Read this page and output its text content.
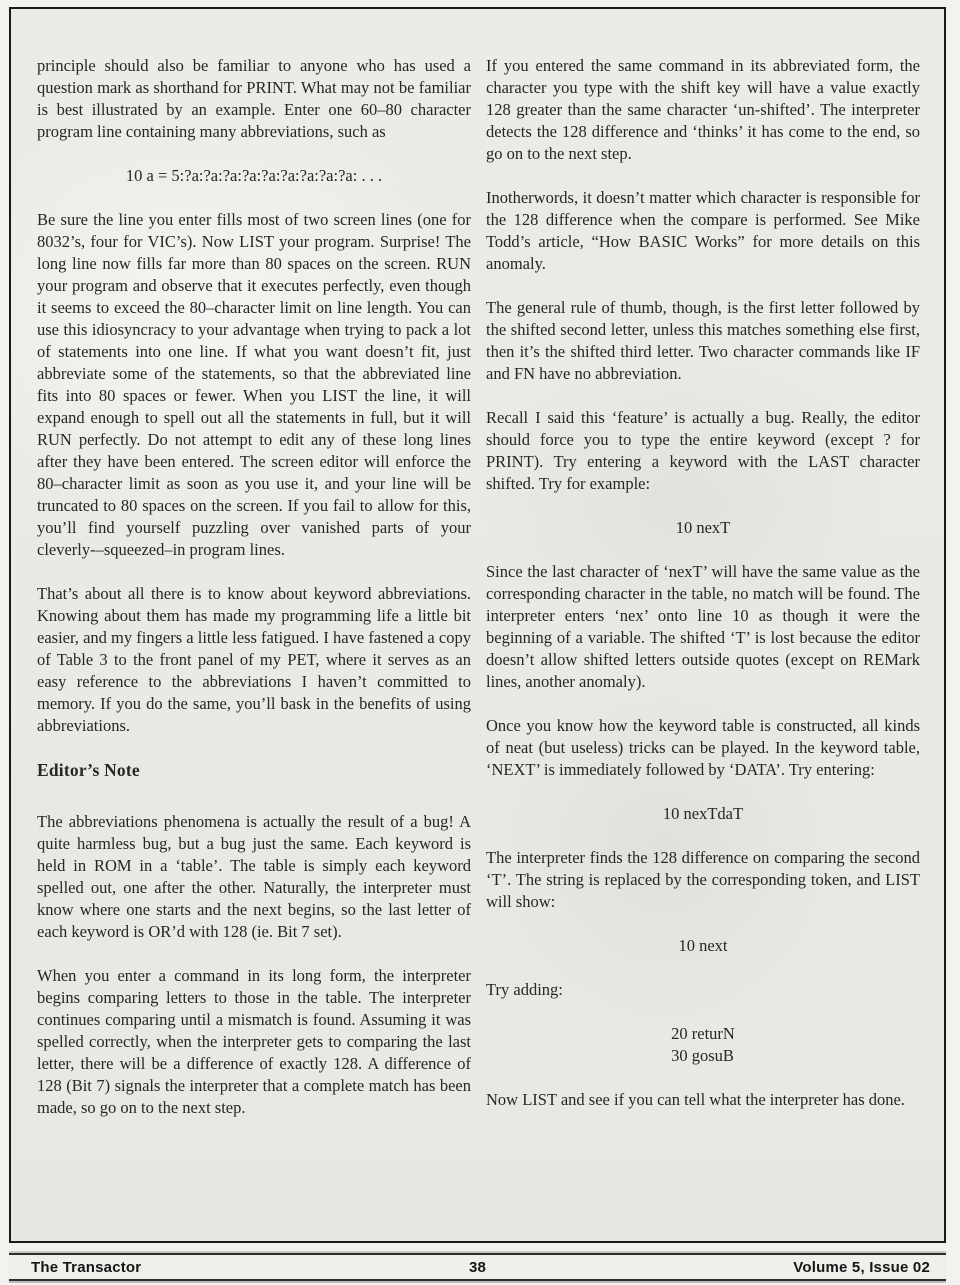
principle should also be familiar to anyone who has used a question mark as shorthand for PRINT. What may not be familiar is best illustrated by an example. Enter one 60–80 character program line containing many abbreviations, such as

10 a = 5:?a:?a:?a:?a:?a:?a:?a:?a:?a: . . .

Be sure the line you enter fills most of two screen lines (one for 8032’s, four for VIC’s). Now LIST your program. Surprise! The long line now fills far more than 80 spaces on the screen. RUN your program and observe that it executes perfectly, even though it seems to exceed the 80–character limit on line length. You can use this idiosyncracy to your advantage when trying to pack a lot of statements into one line. If what you want doesn’t fit, just abbreviate some of the statements, so that the abbreviated line fits into 80 spaces or fewer. When you LIST the line, it will expand enough to spell out all the statements in full, but it will RUN perfectly. Do not attempt to edit any of these long lines after they have been entered. The screen editor will enforce the 80–character limit as soon as you use it, and your line will be truncated to 80 spaces on the screen. If you fail to allow for this, you’ll find yourself puzzling over vanished parts of your cleverly-–squeezed–in program lines.

That’s about all there is to know about keyword abbreviations. Knowing about them has made my programming life a little bit easier, and my fingers a little less fatigued. I have fastened a copy of Table 3 to the front panel of my PET, where it serves as an easy reference to the abbreviations I haven’t committed to memory. If you do the same, you’ll bask in the benefits of using abbreviations.

Editor’s Note

The abbreviations phenomena is actually the result of a bug! A quite harmless bug, but a bug just the same. Each keyword is held in ROM in a ‘table’. The table is simply each keyword spelled out, one after the other. Naturally, the interpreter must know where one starts and the next begins, so the last letter of each keyword is OR’d with 128 (ie. Bit 7 set).

When you enter a command in its long form, the interpreter begins comparing letters to those in the table. The interpreter continues comparing until a mismatch is found. Assuming it was spelled correctly, when the interpreter gets to comparing the last letter, there will be a difference of exactly 128. A difference of 128 (Bit 7) signals the interpreter that a complete match has been made, so go on to the next step.

If you entered the same command in its abbreviated form, the character you type with the shift key will have a value exactly 128 greater than the same character ‘un-shifted’. The interpreter detects the 128 difference and ‘thinks’ it has come to the end, so go on to the next step.

Inotherwords, it doesn’t matter which character is responsible for the 128 difference when the compare is performed. See Mike Todd’s article, “How BASIC Works” for more details on this anomaly.

The general rule of thumb, though, is the first letter followed by the shifted second letter, unless this matches something else first, then it’s the shifted third letter. Two character commands like IF and FN have no abbreviation.

Recall I said this ‘feature’ is actually a bug. Really, the editor should force you to type the entire keyword (except ? for PRINT). Try entering a keyword with the LAST character shifted. Try for example:

10 nexT

Since the last character of ‘nexT’ will have the same value as the corresponding character in the table, no match will be found. The interpreter enters ‘nex’ onto line 10 as though it were the beginning of a variable. The shifted ‘T’ is lost because the editor doesn’t allow shifted letters outside quotes (except on REMark lines, another anomaly).

Once you know how the keyword table is constructed, all kinds of neat (but useless) tricks can be played. In the keyword table, ‘NEXT’ is immediately followed by ‘DATA’. Try entering:

10 nexTdaT

The interpreter finds the 128 difference on comparing the second ‘T’. The string is replaced by the corresponding token, and LIST will show:

10 next

Try adding:

20 returN
30 gosuB

Now LIST and see if you can tell what the interpreter has done.

The Transactor	38	Volume 5, Issue 02
